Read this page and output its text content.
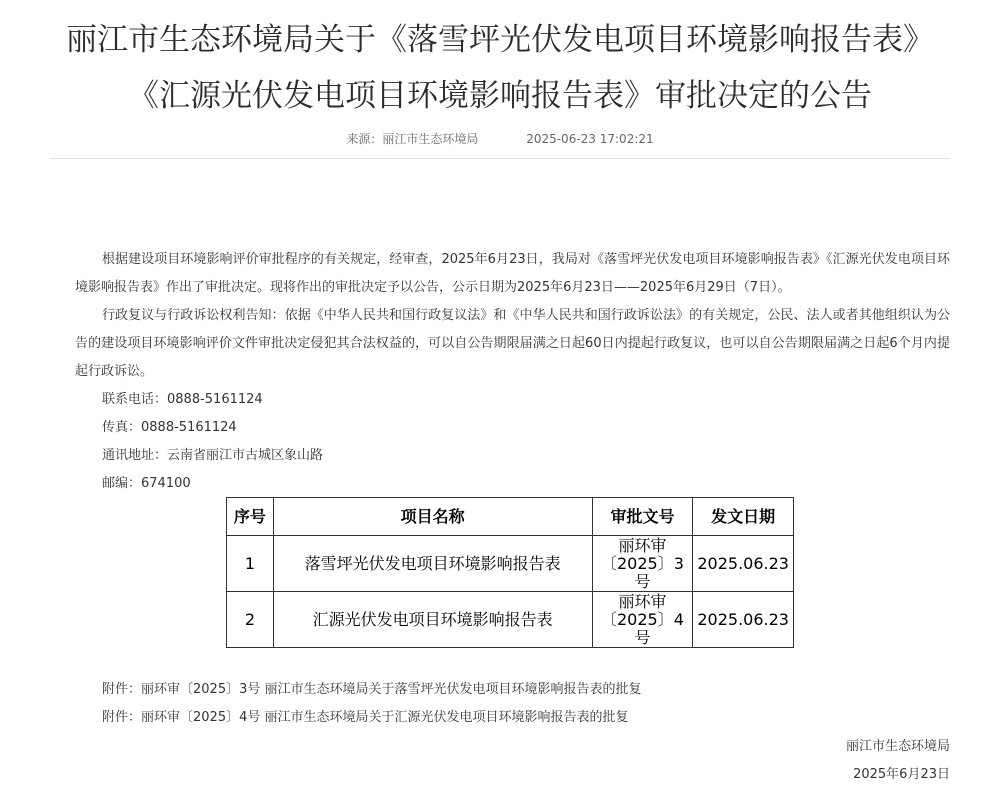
丽江市生态环境局关于《落雪坪光伏发电项目环境影响报告表》《汇源光伏发电项目环境影响报告表》审批决定的公告
来源：丽江市生态环境局	2025-06-23 17:02:21

根据建设项目环境影响评价审批程序的有关规定，经审查，2025年6月23日，我局对《落雪坪光伏发电项目环境影响报告表》《汇源光伏发电项目环境影响报告表》作出了审批决定。现将作出的审批决定予以公告，公示日期为2025年6月23日——2025年6月29日（7日）。

行政复议与行政诉讼权利告知：依据《中华人民共和国行政复议法》和《中华人民共和国行政诉讼法》的有关规定，公民、法人或者其他组织认为公告的建设项目环境影响评价文件审批决定侵犯其合法权益的，可以自公告期限届满之日起60日内提起行政复议，也可以自公告期限届满之日起6个月内提起行政诉讼。

联系电话：0888-5161124

传真：0888-5161124

通讯地址：云南省丽江市古城区象山路

邮编：674100

序号	项目名称	审批文号	发文日期
1	落雪坪光伏发电项目环境影响报告表	丽环审〔2025〕3号	2025.06.23
2	汇源光伏发电项目环境影响报告表	丽环审〔2025〕4号	2025.06.23
附件：丽环审〔2025〕3号 丽江市生态环境局关于落雪坪光伏发电项目环境影响报告表的批复
附件：丽环审〔2025〕4号 丽江市生态环境局关于汇源光伏发电项目环境影响报告表的批复
丽江市生态环境局
2025年6月23日
